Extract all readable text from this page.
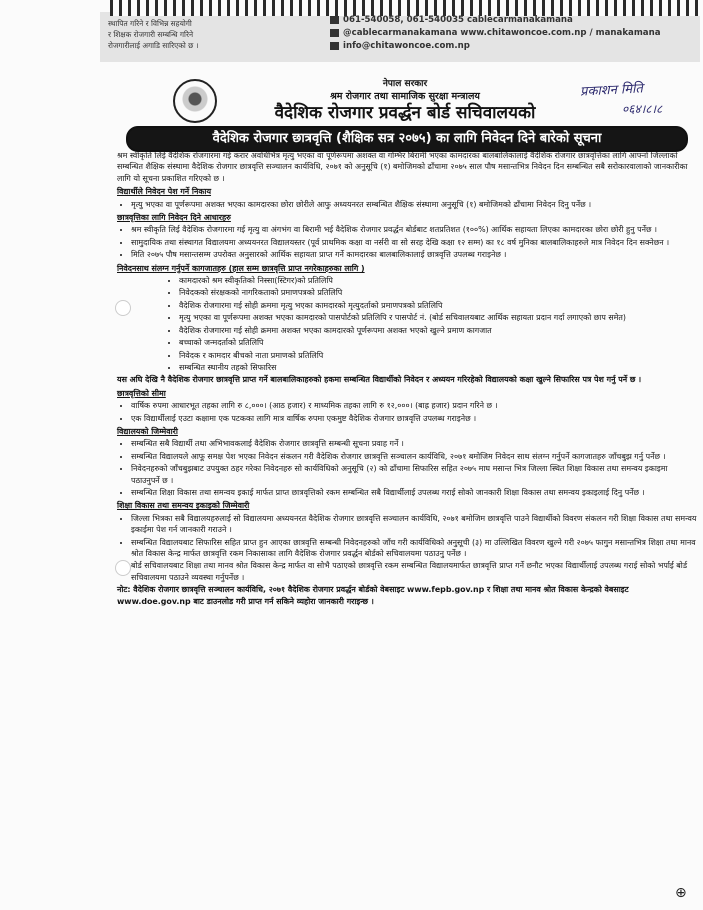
स्थापित गरिने र विभिन्न सहयोगी
र शिक्षक रोजगारी सम्बन्धि गरिने
रोजगारीलाई अगाडि सारिएको छ ।
061-540058, 061-540035 cablecarmanakamana
@cablecarmanakamana www.chitawoncoe.com.np / manakamana
info@chitawoncoe.com.np
प्रकाशन मिति
०६४।८।८
नेपाल सरकार
श्रम रोजगार तथा सामाजिक सुरक्षा मन्त्रालय
वैदेशिक रोजगार प्रवर्द्धन बोर्ड सचिवालयको
वैदेशिक रोजगार छात्रवृत्ति (शैक्षिक सत्र २०७५) का लागि निवेदन दिने बारेको सूचना

श्रम स्वीकृति लिई वैदेशिक रोजगारमा गई करार अवधिभित्र मृत्यु भएका वा पूर्णरूपमा अशक्त वा गम्भिर बिरामी भएका कामदारका बालबालिकालाई वैदेशिक रोजगार छात्रवृत्तिका लागि आफ्नो जिल्लाको सम्बन्धित शैक्षिक संस्थामा वैदेशिक रोजगार छात्रवृत्ति सञ्चालन कार्यविधि, २०७१ को अनुसूचि (१) बमोजिमको ढाँचामा २०७५ साल पौष मसान्तभित्र निवेदन दिन सम्बन्धित सबै सरोकारवालाको जानकारीका लागि यो सूचना प्रकाशित गरिएको छ ।

विद्यार्थीले निवेदन पेश गर्ने निकाय
• मृत्यु भएका वा पूर्णरूपमा अशक्त भएका कामदारका छोरा छोरीले आफु अध्ययनरत सम्बन्धित शैक्षिक संस्थामा अनुसूचि (१) बमोजिमको ढाँचामा निवेदन दिनु पर्नेछ ।
छात्रवृत्तिका लागि निवेदन दिने आधारहरु
• श्रम स्वीकृति लिई वैदेशिक रोजगारमा गई मृत्यु वा अंगभंग वा बिरामी भई वैदेशिक रोजगार प्रवर्द्धन बोर्डबाट शतप्रतिशत (१००%) आर्थिक सहायता लिएका कामदारका छोरा छोरी हुनु पर्नेछ ।
• सामुदायिक तथा संस्थागत विद्यालयमा अध्ययनरत विद्यालयस्तर (पूर्व प्राथमिक कक्षा वा नर्सरी वा सो सरह देखि कक्षा १२ सम्म) का १८ वर्ष मुनिका बालबालिकाहरुले मात्र निवेदन दिन सक्नेछन ।
• मिति २०७५ पौष मसान्तसम्म उपरोक्त अनुसारको आर्थिक सहायता प्राप्त गर्ने कामदारका बालबालिकालाई छात्रवृत्ति उपलब्ध गराइनेछ ।
निवेदनसाथ संलग्न गर्नुपर्ने कागजातहरु (हाल सम्म छात्रवृत्ति प्राप्त नगरेकाहरुका लागि )
• कामदारको श्रम स्वीकृतिको निस्सा(स्टिगर)को प्रतिलिपि
• निवेदकको संरक्षकको नागरिकताको प्रमाणपत्रको प्रतिलिपि
• वैदेशिक रोजगारमा गई सोही क्रममा मृत्यु भएका कामदारको मृत्युदर्ताको प्रमाणपत्रको प्रतिलिपि
• मृत्यु भएका वा पूर्णरूपमा अशक्त भएका कामदारको पासपोर्टको प्रतिलिपि र पासपोर्ट नं. (बोर्ड सचिवालयबाट आर्थिक सहायता प्रदान गर्दा लगाएको छाप समेत)
• वैदेशिक रोजगारमा गई सोही क्रममा अशक्त भएका कामदारको पूर्णरूपमा अशक्त भएको खुल्ने प्रमाण कागजात
• बच्चाको जन्मदर्ताको प्रतिलिपि
• निवेदक र कामदार बीचको नाता प्रमाणको प्रतिलिपि
• सम्बन्धित स्थानीय तहको सिफारिस

यस अघि देखि नै वैदेशिक रोजगार छात्रवृत्ति प्राप्त गर्ने बालबालिकाहरुको हकमा सम्बन्धित विद्यार्थीको निवेदन र अध्ययन गरिरहेको विद्यालयको कक्षा खुल्ने सिफारिस पत्र पेश गर्नु पर्ने छ ।

छात्रवृत्तिको सीमा
• वार्षिक रुपमा आधारभूत तहका लागि रु ८,०००। (आठ हजार) र माध्यमिक तहका लागि रु १२,०००। (बाह्र हजार) प्रदान गरिने छ ।
• एक विद्यार्थीलाई एउटा कक्षामा एक पटकका लागि मात्र वार्षिक रुपमा एकमुष्ट वैदेशिक रोजगार छात्रवृत्ति उपलब्ध गराइनेछ ।
विद्यालयको जिम्मेवारी
• सम्बन्धित सबै विद्यार्थी तथा अभिभावकलाई वैदेशिक रोजगार छात्रवृत्ति सम्बन्धी सूचना प्रवाह गर्ने ।
• सम्बन्धित विद्यालयले आफू समक्ष पेश भएका निवेदन संकलन गरी वैदेशिक रोजगार छात्रवृत्ति सञ्चालन कार्यविधि, २०७१ बमोजिम निवेदन साथ संलग्न गर्नुपर्ने कागजातहरु जाँचबुझ गर्नु पर्नेछ ।
• निवेदनहरुको जाँचबुझबाट उपयुक्त ठहर गरेका निवेदनहरु सो कार्यविधिको अनुसूचि (२) को ढाँचामा सिफारिस सहित २०७५ माघ मसान्त भित्र जिल्ला स्थित शिक्षा विकास तथा समन्वय इकाइमा पठाउनुपर्ने छ ।
• सम्बन्धित शिक्षा विकास तथा समन्वय इकाई मार्फत प्राप्त छात्रवृत्तिको रकम सम्बन्धित सबै विद्यार्थीलाई उपलब्ध गराई सोको जानकारी शिक्षा विकास तथा समन्वय इकाइलाई दिनु पर्नेछ ।
शिक्षा विकास तथा समन्वय इकाइको जिम्मेवारी
• जिल्ला भित्रका सबै विद्यालयहरुलाई सो विद्यालयमा अध्ययनरत वैदेशिक रोजगार छात्रवृत्ति सञ्चालन कार्यविधि, २०७१ बमोजिम छात्रवृत्ति पाउने विद्यार्थीको विवरण संकलन गरी शिक्षा विकास तथा समन्वय इकाईमा पेश गर्न जानकारी गराउने ।
• सम्बन्धित विद्यालयबाट सिफारिस सहित प्राप्त हुन आएका छात्रवृत्ति सम्बन्धी निवेदनहरुको जाँच गरी कार्यविधिको अनुसूची (३) मा उल्लिखित विवरण खुल्ने गरी २०७५ फागुन मसान्तभित्र शिक्षा तथा मानव श्रोत विकास केन्द्र मार्फत छात्रवृत्ति रकम निकासाका लागि वैदेशिक रोजगार प्रवर्द्धन बोर्डको सचिवालयमा पठाउनु पर्नेछ ।
• बोर्ड सचिवालयबाट शिक्षा तथा मानव श्रोत विकास केन्द्र मार्फत वा सोभै पठाएको छात्रवृत्ति रकम सम्बन्धित विद्यालयमार्फत छात्रवृत्ति प्राप्त गर्ने छनौट भएका विद्यार्थीलाई उपलब्ध गराई सोको भर्पाई बोर्ड सचिवालयमा पठाउने व्यवस्था गर्नुपर्नेछ ।

नोट: वैदेशिक रोजगार छात्रवृत्ति सञ्चालन कार्यविधि, २०७१ वैदेशिक रोजगार प्रवर्द्धन बोर्डको वेबसाइट www.fepb.gov.np र शिक्षा तथा मानव श्रोत विकास केन्द्रको वेबसाइट www.doe.gov.np बाट डाउनलोड गरी प्राप्त गर्न सकिने व्यहोरा जानकारी गराइन्छ ।

⊕
